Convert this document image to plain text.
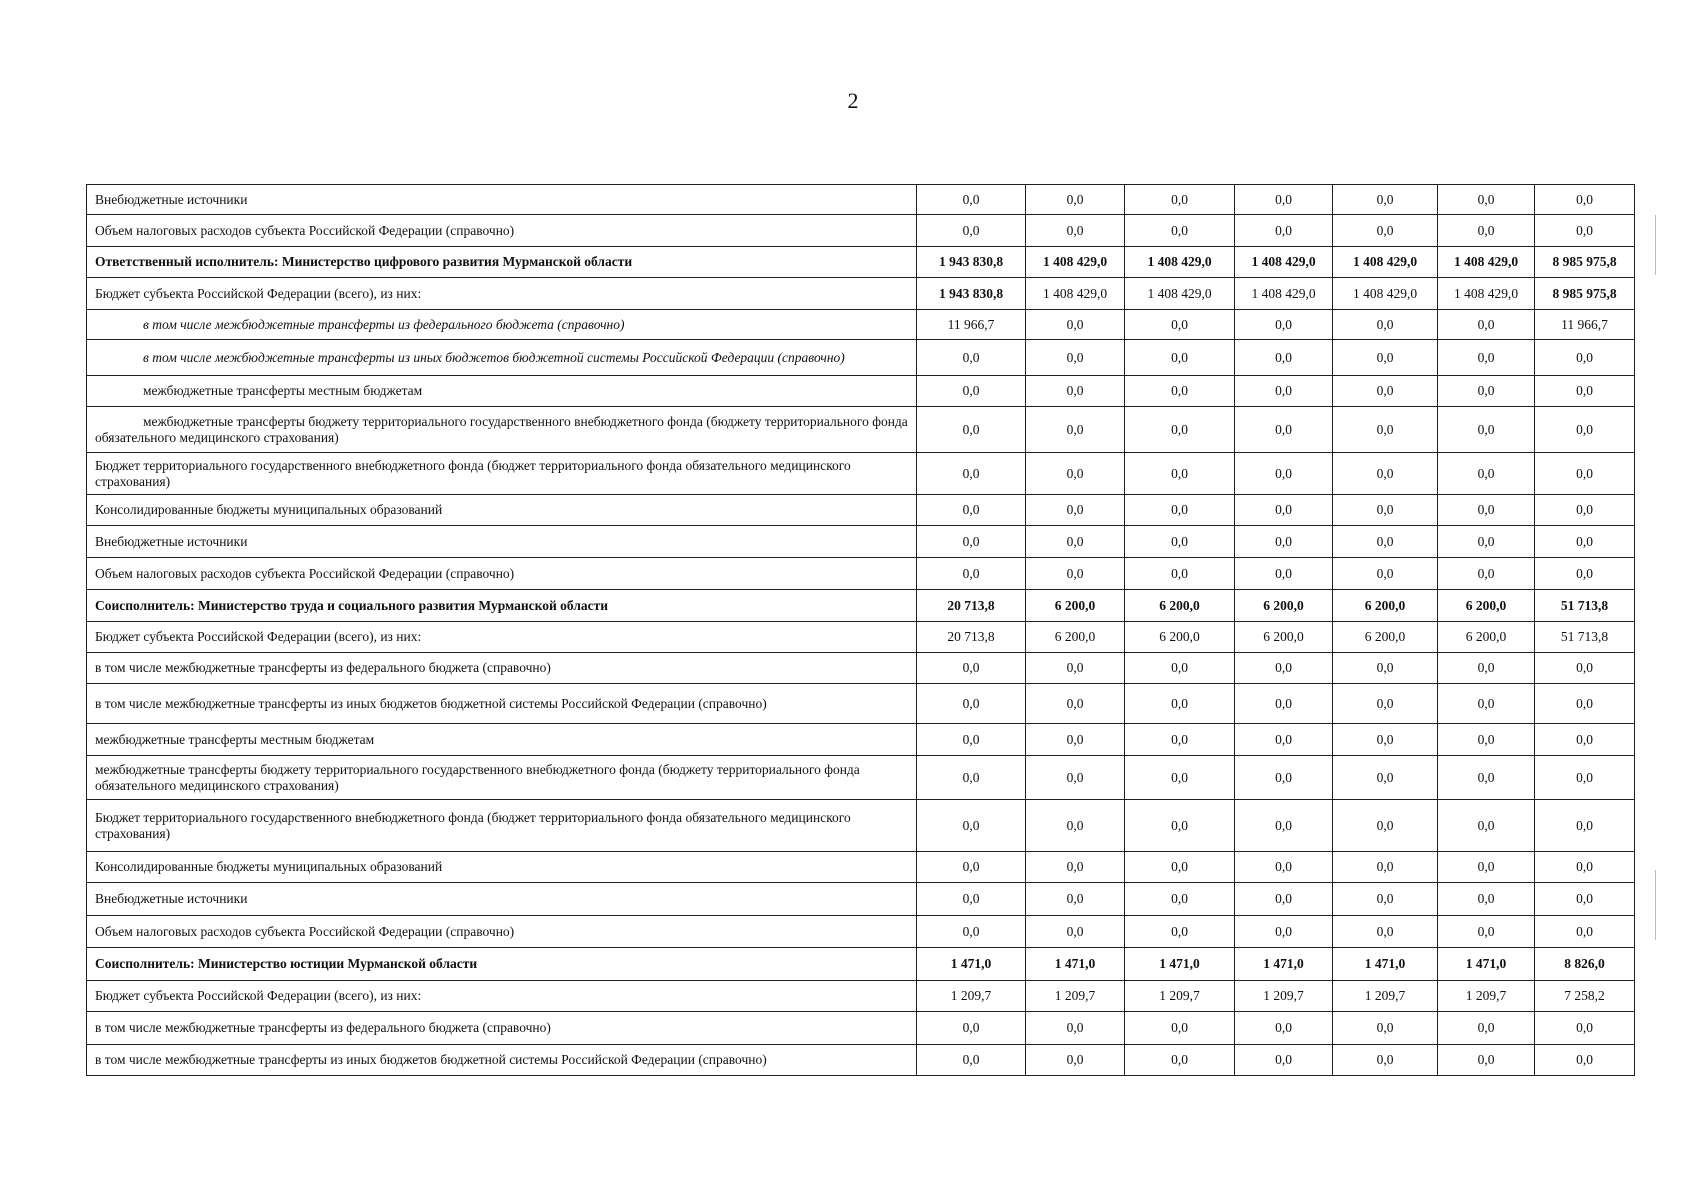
2
Внебюджетные источники	0,0	0,0	0,0	0,0	0,0	0,0	0,0
Объем налоговых расходов субъекта Российской Федерации (справочно)	0,0	0,0	0,0	0,0	0,0	0,0	0,0
Ответственный исполнитель: Министерство цифрового развития Мурманской области	1 943 830,8	1 408 429,0	1 408 429,0	1 408 429,0	1 408 429,0	1 408 429,0	8 985 975,8
Бюджет субъекта Российской Федерации (всего), из них:	1 943 830,8	1 408 429,0	1 408 429,0	1 408 429,0	1 408 429,0	1 408 429,0	8 985 975,8

в том числе межбюджетные трансферты из федерального бюджета (справочно)	11 966,7	0,0	0,0	0,0	0,0	0,0	11 966,7

в том числе межбюджетные трансферты из иных бюджетов бюджетной системы Российской Федерации (справочно)	0,0	0,0	0,0	0,0	0,0	0,0	0,0

межбюджетные трансферты местным бюджетам	0,0	0,0	0,0	0,0	0,0	0,0	0,0

межбюджетные трансферты бюджету территориального государственного внебюджетного фонда (бюджету территориального фонда обязательного медицинского страхования)	0,0	0,0	0,0	0,0	0,0	0,0	0,0
Бюджет территориального государственного внебюджетного фонда (бюджет территориального фонда обязательного медицинского страхования)	0,0	0,0	0,0	0,0	0,0	0,0	0,0
Консолидированные бюджеты муниципальных образований	0,0	0,0	0,0	0,0	0,0	0,0	0,0
Внебюджетные источники	0,0	0,0	0,0	0,0	0,0	0,0	0,0
Объем налоговых расходов субъекта Российской Федерации (справочно)	0,0	0,0	0,0	0,0	0,0	0,0	0,0
Соисполнитель: Министерство труда и социального развития Мурманской области	20 713,8	6 200,0	6 200,0	6 200,0	6 200,0	6 200,0	51 713,8
Бюджет субъекта Российской Федерации (всего), из них:	20 713,8	6 200,0	6 200,0	6 200,0	6 200,0	6 200,0	51 713,8
в том числе межбюджетные трансферты из федерального бюджета (справочно)	0,0	0,0	0,0	0,0	0,0	0,0	0,0
в том числе межбюджетные трансферты из иных бюджетов бюджетной системы Российской Федерации (справочно)	0,0	0,0	0,0	0,0	0,0	0,0	0,0
межбюджетные трансферты местным бюджетам	0,0	0,0	0,0	0,0	0,0	0,0	0,0
межбюджетные трансферты бюджету территориального государственного внебюджетного фонда (бюджету территориального фонда обязательного медицинского страхования)	0,0	0,0	0,0	0,0	0,0	0,0	0,0
Бюджет территориального государственного внебюджетного фонда (бюджет территориального фонда обязательного медицинского страхования)	0,0	0,0	0,0	0,0	0,0	0,0	0,0
Консолидированные бюджеты муниципальных образований	0,0	0,0	0,0	0,0	0,0	0,0	0,0
Внебюджетные источники	0,0	0,0	0,0	0,0	0,0	0,0	0,0
Объем налоговых расходов субъекта Российской Федерации (справочно)	0,0	0,0	0,0	0,0	0,0	0,0	0,0
Соисполнитель: Министерство юстиции Мурманской области	1 471,0	1 471,0	1 471,0	1 471,0	1 471,0	1 471,0	8 826,0
Бюджет субъекта Российской Федерации (всего), из них:	1 209,7	1 209,7	1 209,7	1 209,7	1 209,7	1 209,7	7 258,2
в том числе межбюджетные трансферты из федерального бюджета (справочно)	0,0	0,0	0,0	0,0	0,0	0,0	0,0
в том числе межбюджетные трансферты из иных бюджетов бюджетной системы Российской Федерации (справочно)	0,0	0,0	0,0	0,0	0,0	0,0	0,0
